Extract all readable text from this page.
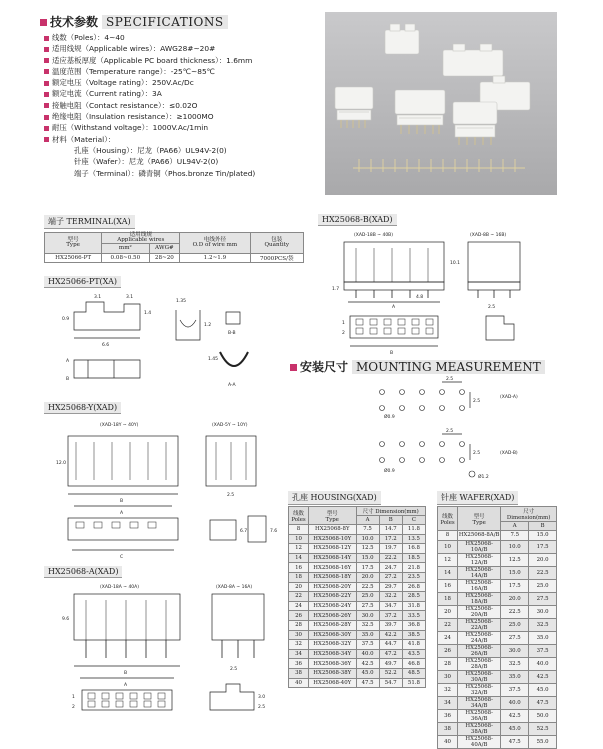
技术参数 SPECIFICATIONS
线数（Poles）：4~40
适用线规（Applicable wires）：AWG28#~20#
适应基板厚度（Applicable PC board thickness）：1.6mm
温度范围（Temperature range）：-25℃~85℃
额定电压（Voltage rating）：250V.Ac/Dc
额定电流（Current rating）：3A
接触电阻（Contact resistance）：≤0.02O
绝缘电阻（Insulation resistance）：≥1000MO
耐压（Withstand voltage）：1000V.Ac/1min
材料（Material）：
孔座（Housing）：尼龙（PA66）UL94V-2(0)
针座（Wafer）：尼龙（PA66）UL94V-2(0)
端子（Terminal）：磷青铜（Phos.bronze Tin/plated)
端子 TERMINAL(XA)
型号
Type	适用线规
Applicable wires		电线外径
O.D of wire mm	包装
Quantity
	mm²	AWG#		
HX25066-PT	0.08~0.50	28~20	1.2~1.9	7000PCS/袋
HX25066-PT(XA)
6.6
3.1	3.1
1.4
0.9
A
B
1.35
1.2
B-B
A-A
1.45
HX25068-Y(XAD)
(XAD-18Y ~ 40Y)	(XAD-5Y ~ 10Y)
12.0
B
A
C
2.5
6.7	7.6
HX25068-A(XAD)
(XAD-18A ~ 40A)	(XAD-8A ~ 16A)
9.6
B
A
1
2
2.5
3.0
2.5
HX25068-B(XAD)
(XAD-18B ~ 40B)	(XAD-8B ~ 16B)
10.1
1.7
4.8
A
1
2
B
2.5
安装尺寸 MOUNTING MEASUREMENT
2.5
2.5
Ø0.9
(XAD-A)
2.5
2.5
Ø0.9
Ø1.2
(XAD-B)
孔座 HOUSING(XAD)
线数
Poles	型号
Type	尺寸 Dimension(mm)		
		A	B	C
8	HX25068-8Y	7.5	14.7	11.8
10	HX25068-10Y	10.0	17.2	13.5
12	HX25068-12Y	12.5	19.7	16.8
14	HX25068-14Y	15.0	22.2	18.5
16	HX25068-16Y	17.5	24.7	21.8
18	HX25068-18Y	20.0	27.2	23.5
20	HX25068-20Y	22.5	29.7	26.8
22	HX25068-22Y	25.0	32.2	28.5
24	HX25068-24Y	27.5	34.7	31.8
26	HX25068-26Y	30.0	37.2	33.5
28	HX25068-28Y	32.5	39.7	36.8
30	HX25068-30Y	35.0	42.2	38.5
32	HX25068-32Y	37.5	44.7	41.8
34	HX25068-34Y	40.0	47.2	43.5
36	HX25068-36Y	42.5	49.7	46.8
38	HX25068-38Y	45.0	52.2	48.5
40	HX25068-40Y	47.5	54.7	51.8
针座 WAFER(XAD)
线数
Poles	型号
Type	尺寸 Dimension(mm)	
		A	B
8	HX25068-8A/B	7.5	15.0
10	HX25068-10A/B	10.0	17.5
12	HX25068-12A/B	12.5	20.0
14	HX25068-14A/B	15.0	22.5
16	HX25068-16A/B	17.5	25.0
18	HX25068-18A/B	20.0	27.5
20	HX25068-20A/B	22.5	30.0
22	HX25068-22A/B	25.0	32.5
24	HX25068-24A/B	27.5	35.0
26	HX25068-26A/B	30.0	37.5
28	HX25068-28A/B	32.5	40.0
30	HX25068-30A/B	35.0	42.5
32	HX25068-32A/B	37.5	45.0
34	HX25068-34A/B	40.0	47.5
36	HX25068-36A/B	42.5	50.0
38	HX25068-38A/B	45.0	52.5
40	HX25068-40A/B	47.5	55.0
